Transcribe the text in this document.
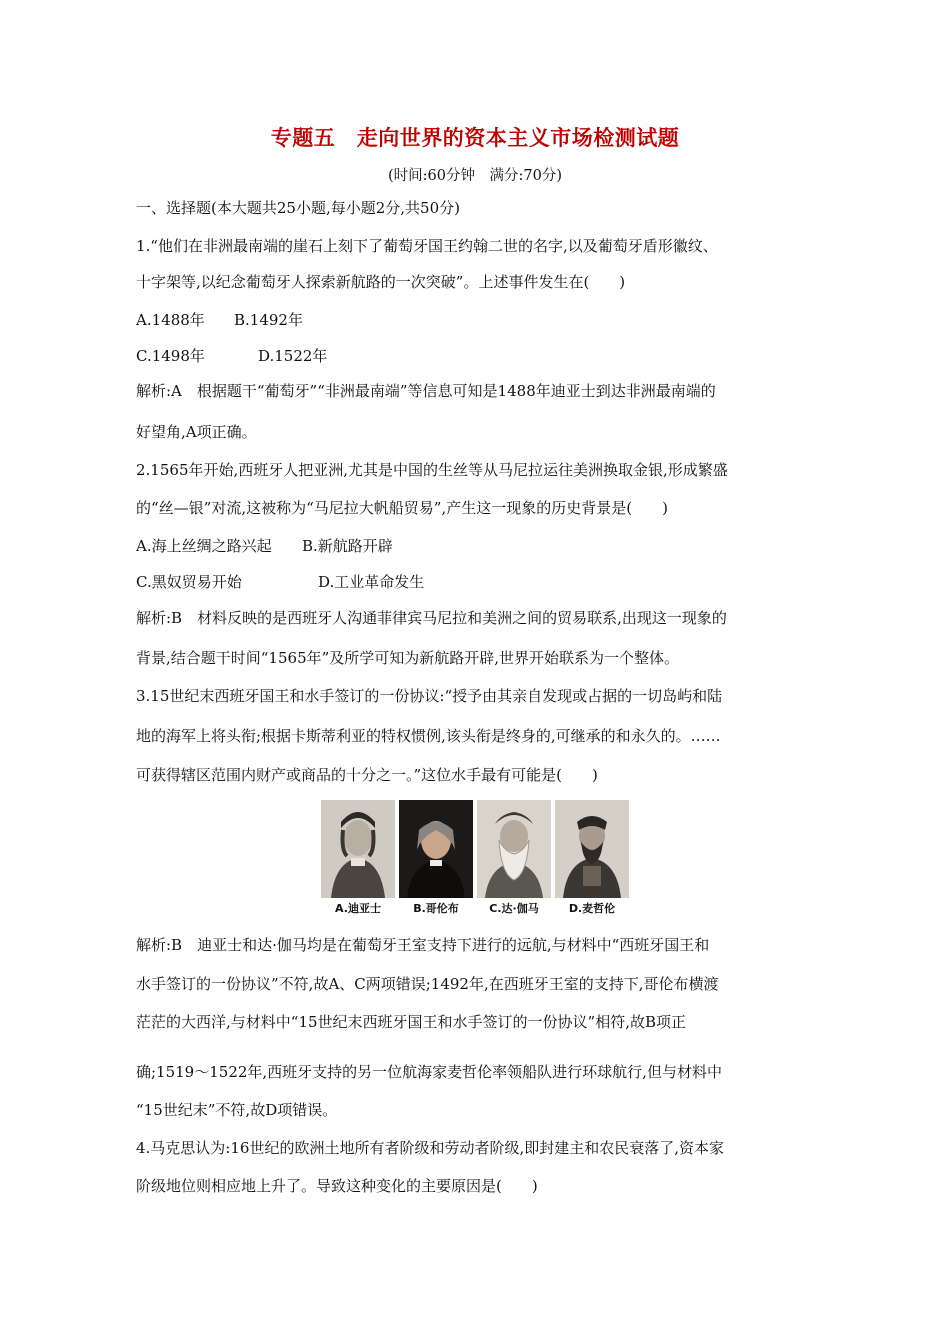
专题五　走向世界的资本主义市场检测试题
(时间:60分钟　满分:70分)
一、选择题(本大题共25小题,每小题2分,共50分)
1.“他们在非洲最南端的崖石上刻下了葡萄牙国王约翰二世的名字,以及葡萄牙盾形徽纹、
十字架等,以纪念葡萄牙人探索新航路的一次突破”。上述事件发生在(　　)
A.1488年 B.1492年
C.1498年	D.1522年
解析:A　根据题干“葡萄牙”“非洲最南端”等信息可知是1488年迪亚士到达非洲最南端的
好望角,A项正确。
2.1565年开始,西班牙人把亚洲,尤其是中国的生丝等从马尼拉运往美洲换取金银,形成繁盛
的“丝—银”对流,这被称为“马尼拉大帆船贸易”,产生这一现象的历史背景是(　　)
A.海上丝绸之路兴起 B.新航路开辟
C.黑奴贸易开始	D.工业革命发生
解析:B　材料反映的是西班牙人沟通菲律宾马尼拉和美洲之间的贸易联系,出现这一现象的
背景,结合题干时间“1565年”及所学可知为新航路开辟,世界开始联系为一个整体。
3.15世纪末西班牙国王和水手签订的一份协议:“授予由其亲自发现或占据的一切岛屿和陆
地的海军上将头衔;根据卡斯蒂利亚的特权惯例,该头衔是终身的,可继承的和永久的。……
可获得辖区范围内财产或商品的十分之一。”这位水手最有可能是(　　)
A.迪亚士	B.哥伦布	C.达·伽马	D.麦哲伦
解析:B　迪亚士和达·伽马均是在葡萄牙王室支持下进行的远航,与材料中“西班牙国王和
水手签订的一份协议”不符,故A、C两项错误;1492年,在西班牙王室的支持下,哥伦布横渡
茫茫的大西洋,与材料中“15世纪末西班牙国王和水手签订的一份协议”相符,故B项正
确;1519～1522年,西班牙支持的另一位航海家麦哲伦率领船队进行环球航行,但与材料中
“15世纪末”不符,故D项错误。
4.马克思认为:16世纪的欧洲土地所有者阶级和劳动者阶级,即封建主和农民衰落了,资本家
阶级地位则相应地上升了。导致这种变化的主要原因是(　　)
